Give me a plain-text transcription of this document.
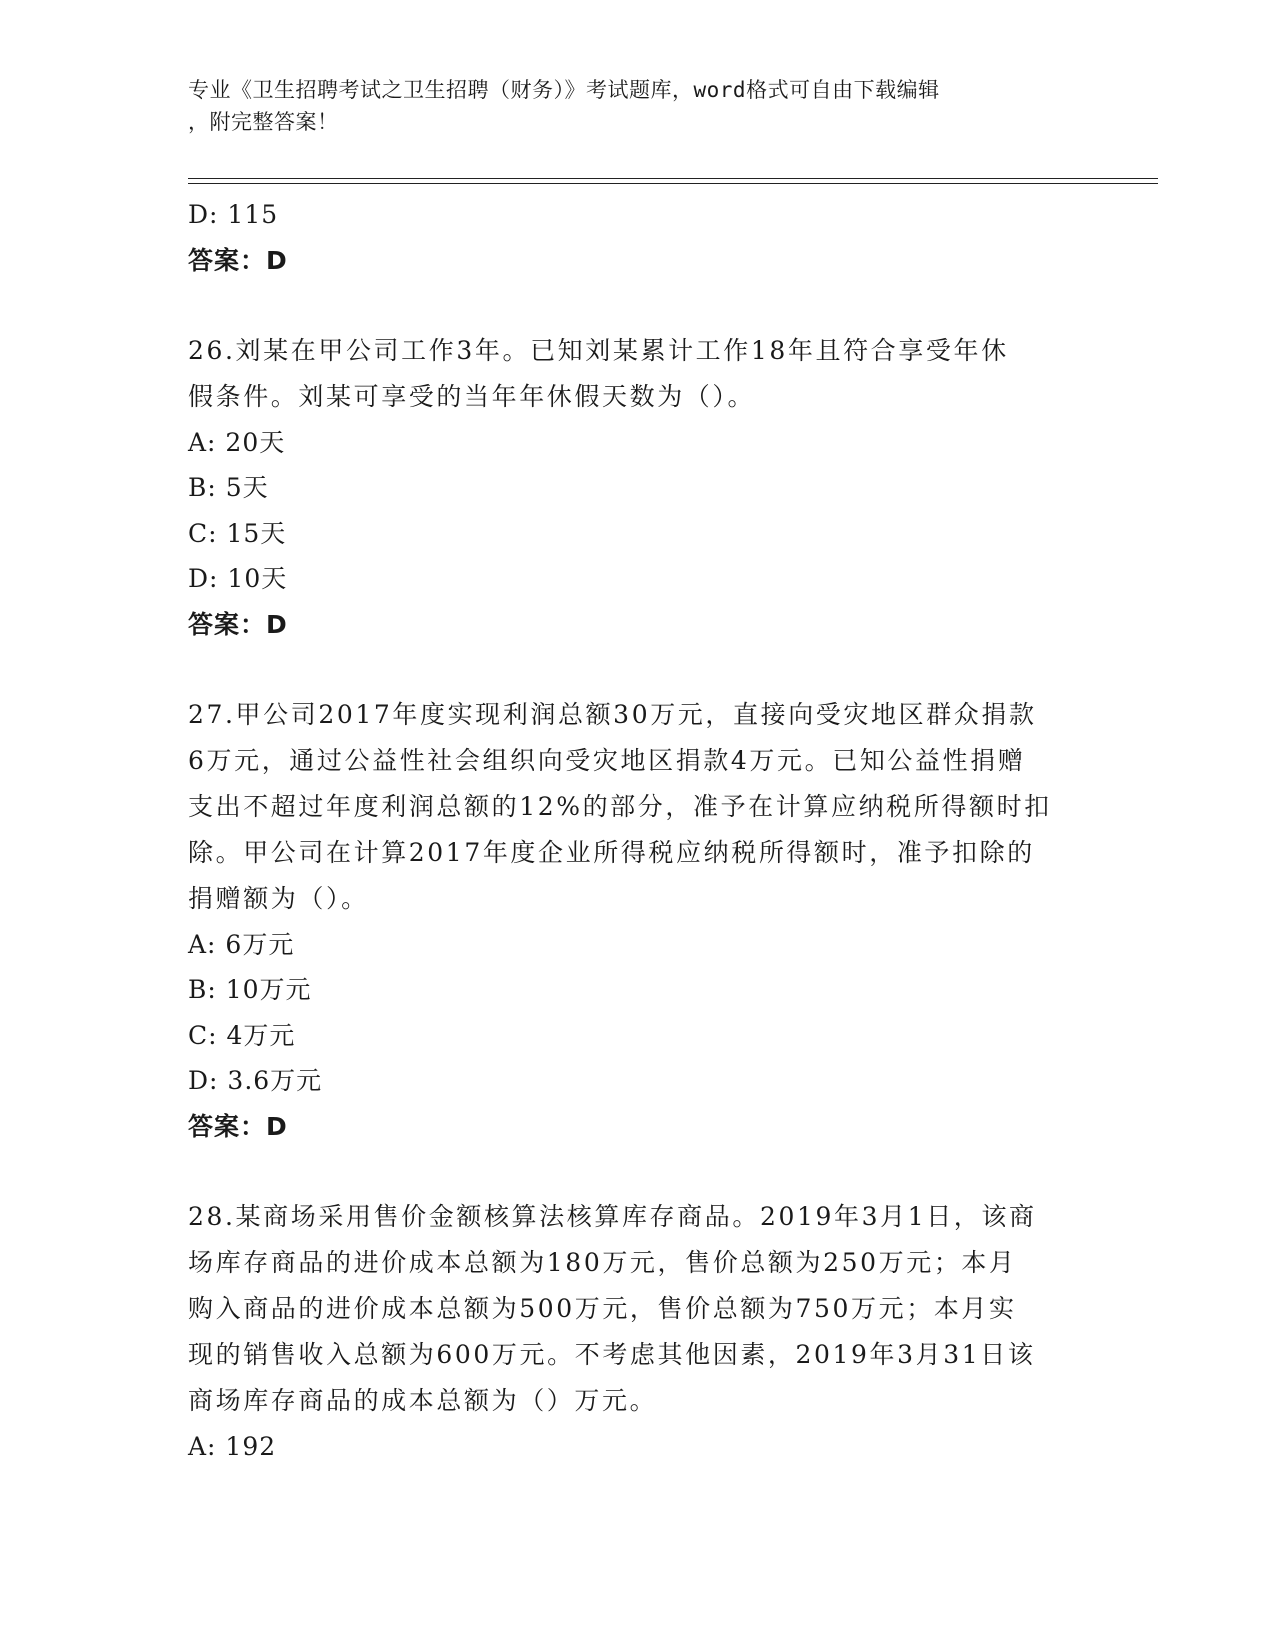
专业《卫生招聘考试之卫生招聘（财务）》考试题库，word格式可自由下载编辑
，附完整答案！
D: 115
答案：D
26.刘某在甲公司工作3年。已知刘某累计工作18年且符合享受年休
假条件。刘某可享受的当年年休假天数为（）。
A: 20天
B: 5天
C: 15天
D: 10天
答案：D
27.甲公司2017年度实现利润总额30万元，直接向受灾地区群众捐款
6万元，通过公益性社会组织向受灾地区捐款4万元。已知公益性捐赠
支出不超过年度利润总额的12%的部分，准予在计算应纳税所得额时扣
除。甲公司在计算2017年度企业所得税应纳税所得额时，准予扣除的
捐赠额为（）。
A: 6万元
B: 10万元
C: 4万元
D: 3.6万元
答案：D
28.某商场采用售价金额核算法核算库存商品。2019年3月1日，该商
场库存商品的进价成本总额为180万元，售价总额为250万元；本月
购入商品的进价成本总额为500万元，售价总额为750万元；本月实
现的销售收入总额为600万元。不考虑其他因素，2019年3月31日该
商场库存商品的成本总额为（）万元。
A: 192
